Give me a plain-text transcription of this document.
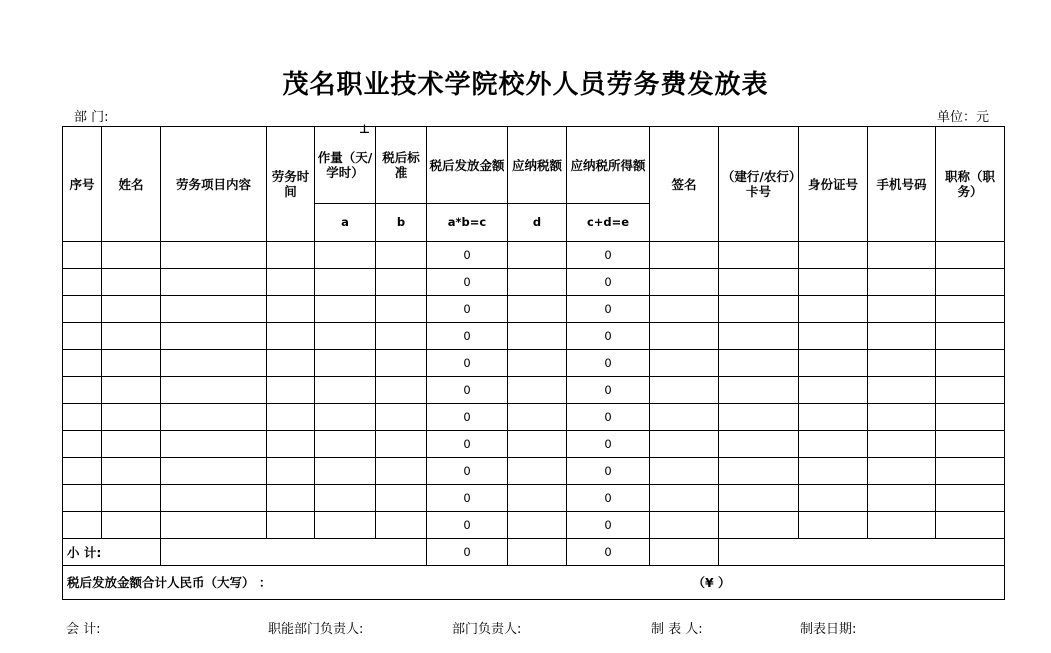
茂名职业技术学院校外人员劳务费发放表
部 门:	单位：元
⊥
序号	姓名	劳务项目内容	劳务时间	作量（天/学时）	税后标准	税后发放金额	应纳税额	应纳税所得额	签名	（建行/农行）卡号	身份证号	手机号码	职称（职务）
				a	b	a*b=c	d	c+d=e					
						0		0					
						0		0					
						0		0					
						0		0					
						0		0					
						0		0					
						0		0					
						0		0					
						0		0					
						0		0					
						0		0					
小 计:						0		0					
税后发放金额合计人民币（大写） ： （¥ ）													
会 计:	职能部门负责人:	部门负责人:	制 表 人:	制表日期:
